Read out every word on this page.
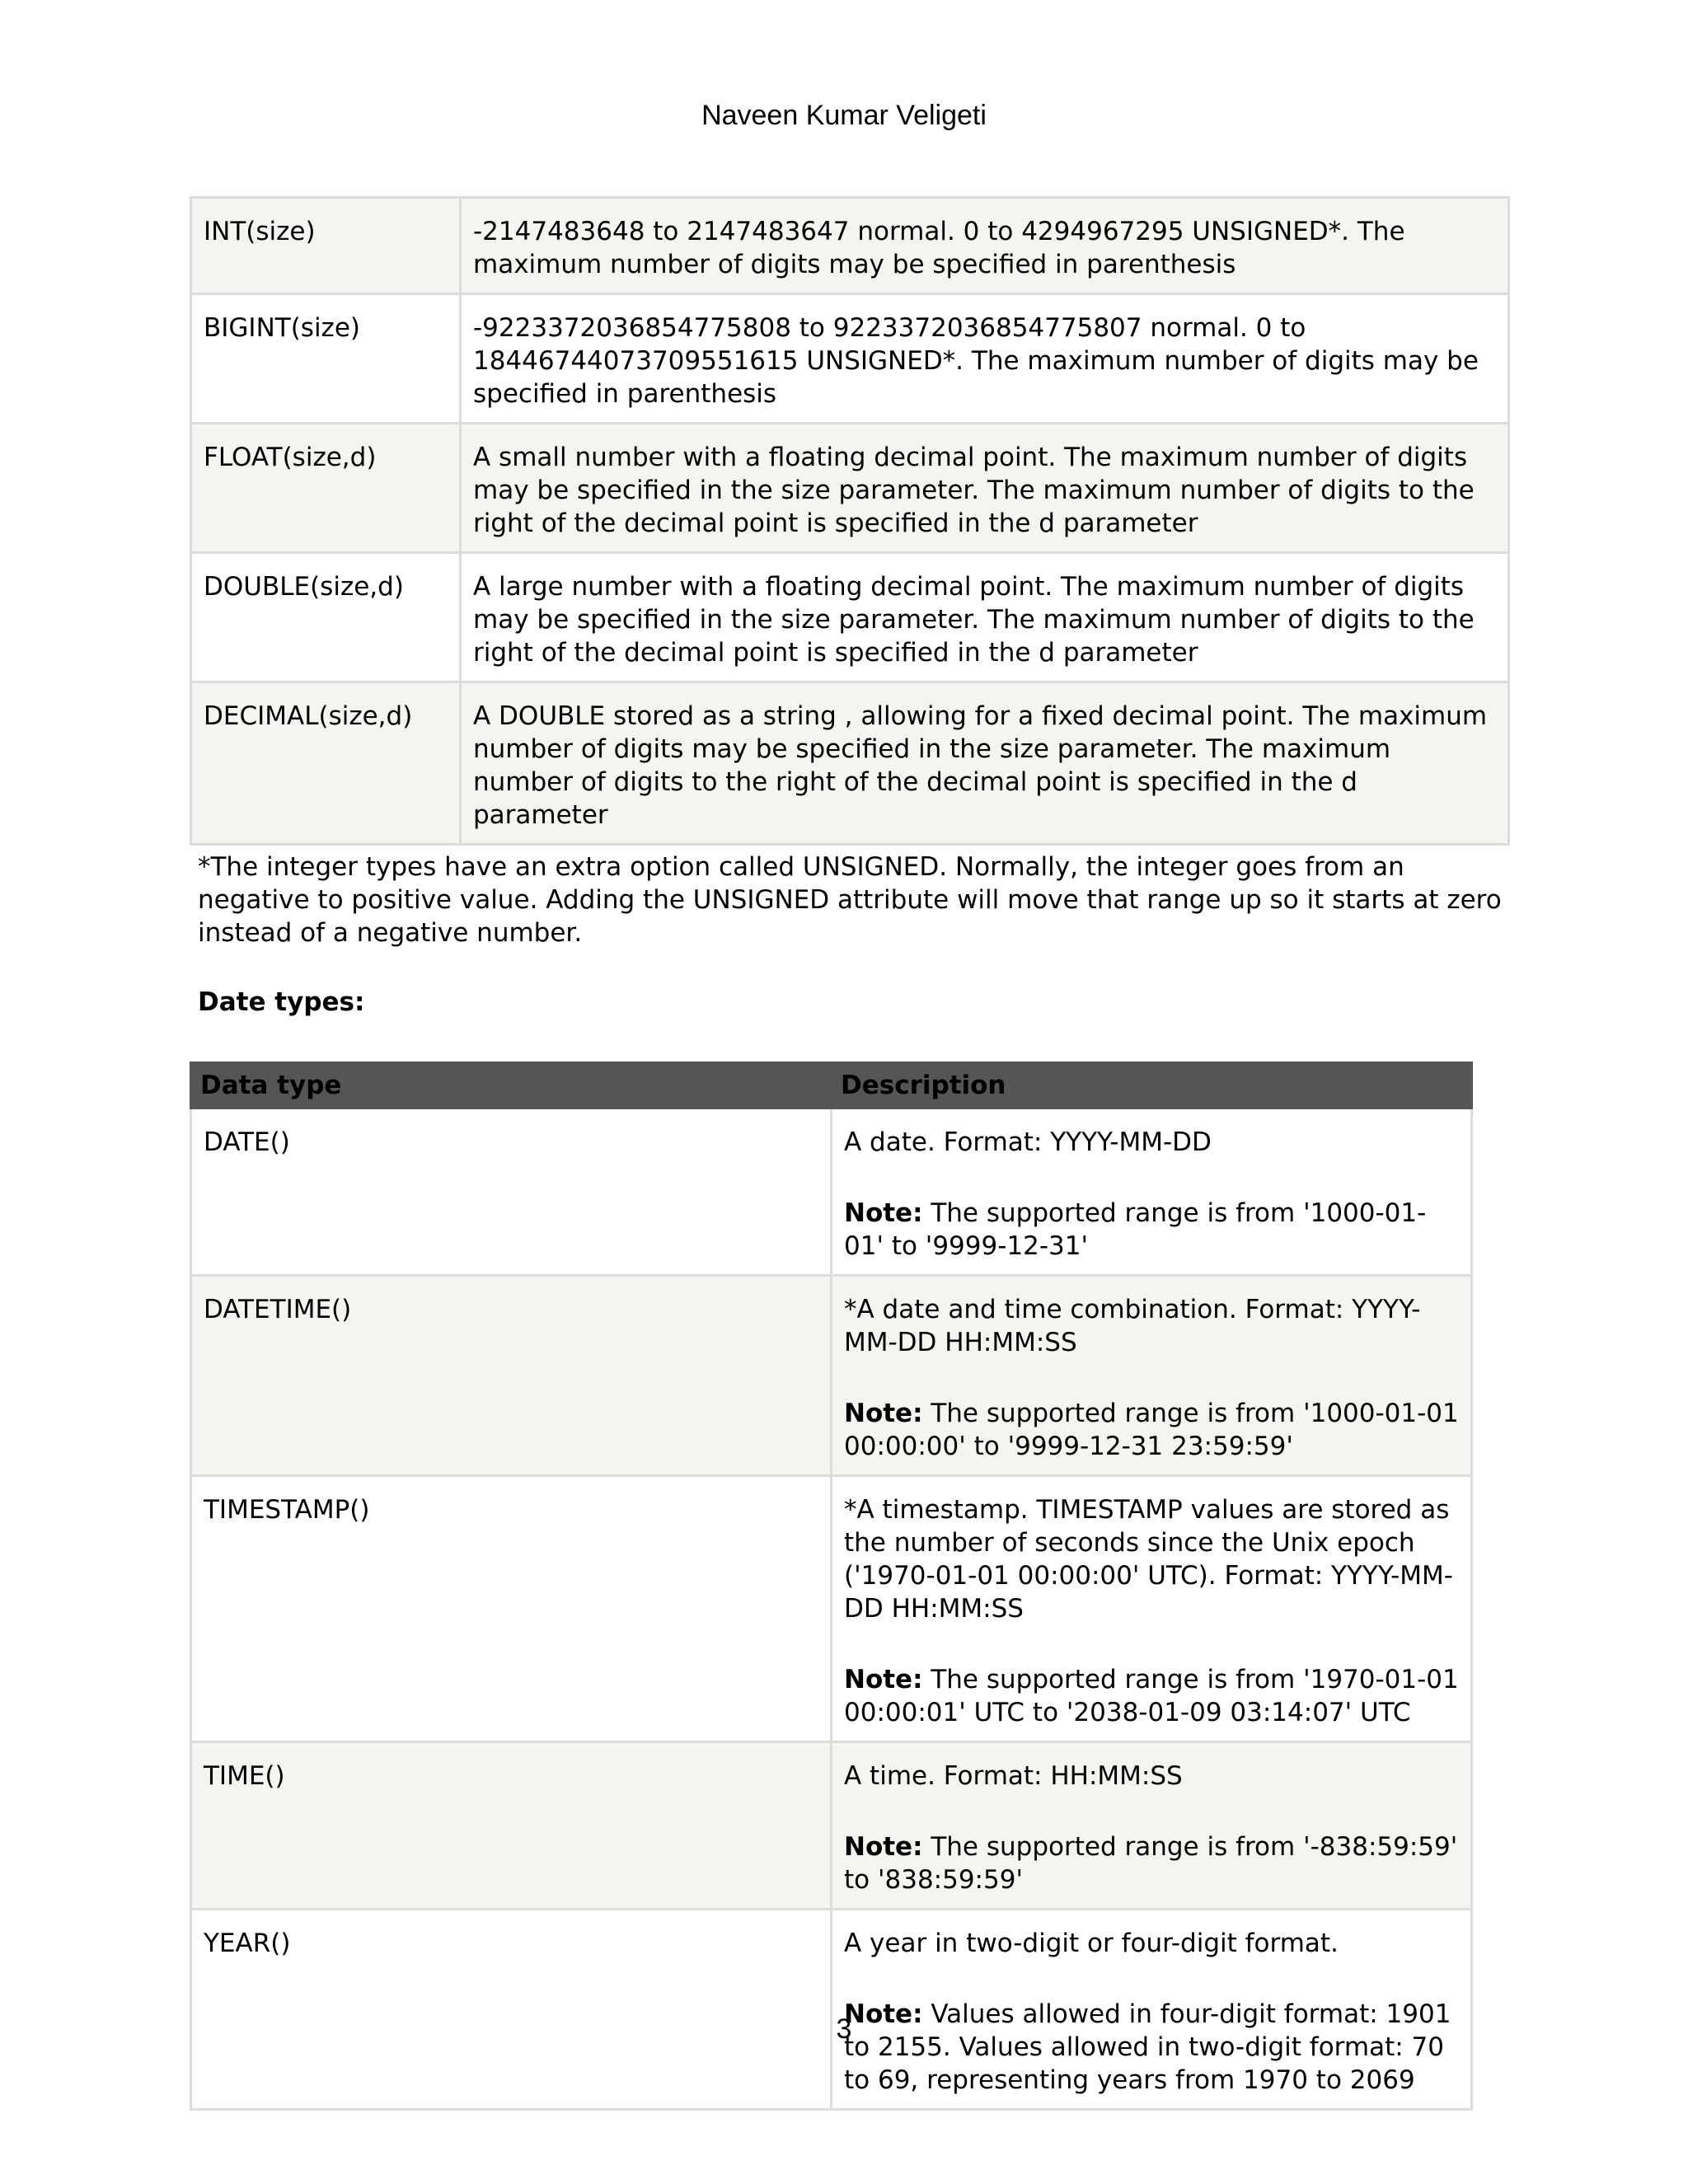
Naveen Kumar Veligeti
INT(size)	-2147483648 to 2147483647 normal. 0 to 4294967295 UNSIGNED*. The maximum number of digits may be specified in parenthesis
BIGINT(size)	-9223372036854775808 to 9223372036854775807 normal. 0 to 18446744073709551615 UNSIGNED*. The maximum number of digits may be specified in parenthesis
FLOAT(size,d)	A small number with a floating decimal point. The maximum number of digits may be specified in the size parameter. The maximum number of digits to the right of the decimal point is specified in the d parameter
DOUBLE(size,d)	A large number with a floating decimal point. The maximum number of digits may be specified in the size parameter. The maximum number of digits to the right of the decimal point is specified in the d parameter
DECIMAL(size,d)	A DOUBLE stored as a string , allowing for a fixed decimal point. The maximum number of digits may be specified in the size parameter. The maximum number of digits to the right of the decimal point is specified in the d parameter

*The integer types have an extra option called UNSIGNED. Normally, the integer goes from an negative to positive value. Adding the UNSIGNED attribute will move that range up so it starts at zero instead of a negative number.

Date types:

Data type	Description
DATE()	A date. Format: YYYY-MM-DD

Note: The supported range is from '1000-01-01' to '9999-12-31'

DATETIME()	*A date and time combination. Format: YYYY-MM-DD HH:MM:SS

Note: The supported range is from '1000-01-01 00:00:00' to '9999-12-31 23:59:59'

TIMESTAMP()	*A timestamp. TIMESTAMP values are stored as the number of seconds since the Unix epoch ('1970-01-01 00:00:00' UTC). Format: YYYY-MM-DD HH:MM:SS

Note: The supported range is from '1970-01-01 00:00:01' UTC to '2038-01-09 03:14:07' UTC

TIME()	A time. Format: HH:MM:SS

Note: The supported range is from '-838:59:59' to '838:59:59'

YEAR()	A year in two-digit or four-digit format.

Note: Values allowed in four-digit format: 1901 to 2155. Values allowed in two-digit format: 70 to 69, representing years from 1970 to 2069

3
